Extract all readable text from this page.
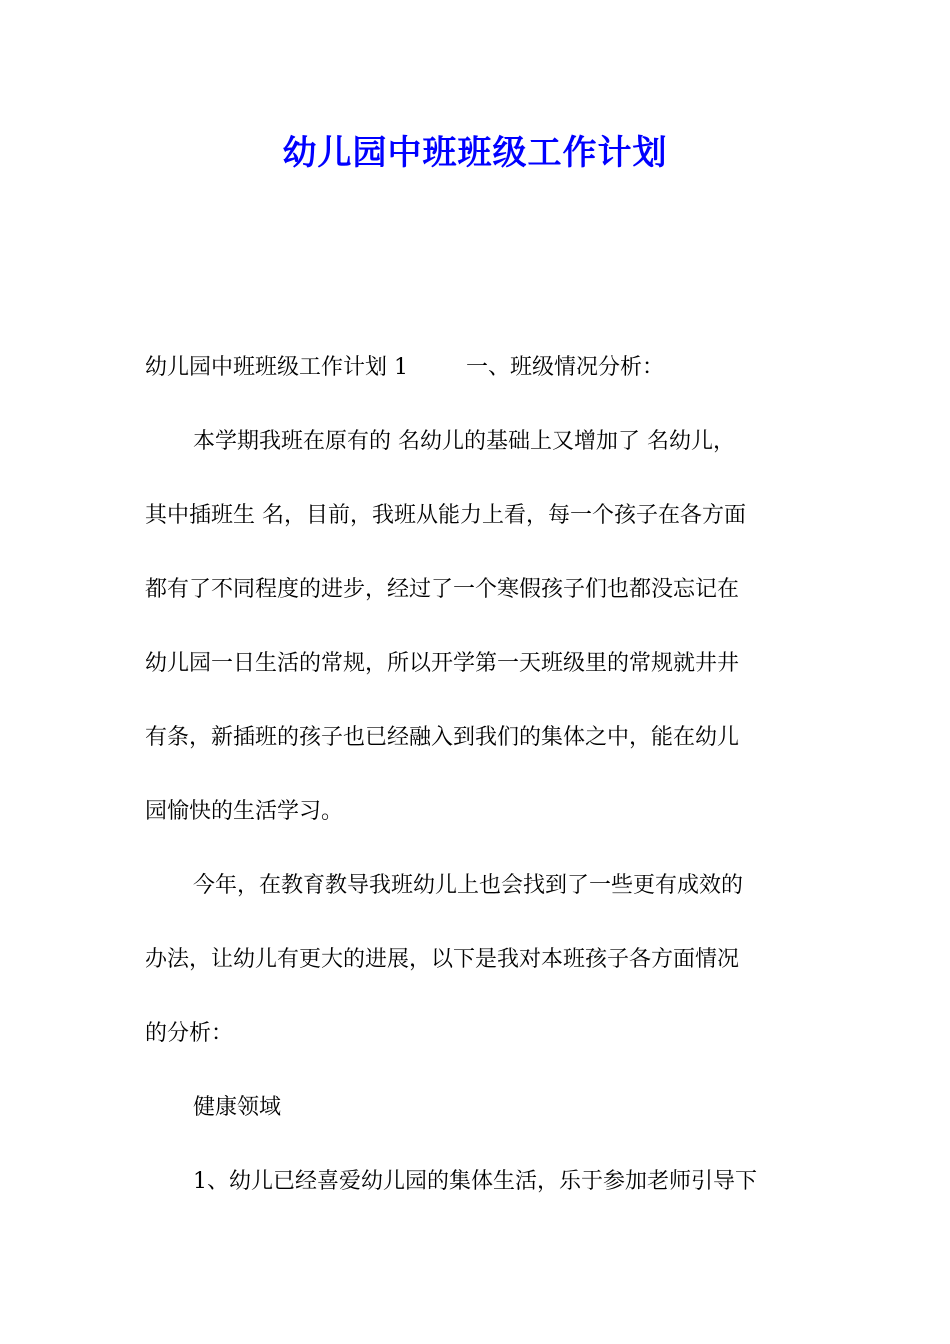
幼儿园中班班级工作计划
幼儿园中班班级工作计划 1	一、班级情况分析：
本学期我班在原有的 名幼儿的基础上又增加了 名幼儿，
其中插班生 名，目前，我班从能力上看，每一个孩子在各方面
都有了不同程度的进步，经过了一个寒假孩子们也都没忘记在
幼儿园一日生活的常规，所以开学第一天班级里的常规就井井
有条，新插班的孩子也已经融入到我们的集体之中，能在幼儿
园愉快的生活学习。
今年，在教育教导我班幼儿上也会找到了一些更有成效的
办法，让幼儿有更大的进展，以下是我对本班孩子各方面情况
的分析：
健康领域
1、幼儿已经喜爱幼儿园的集体生活，乐于参加老师引导下
